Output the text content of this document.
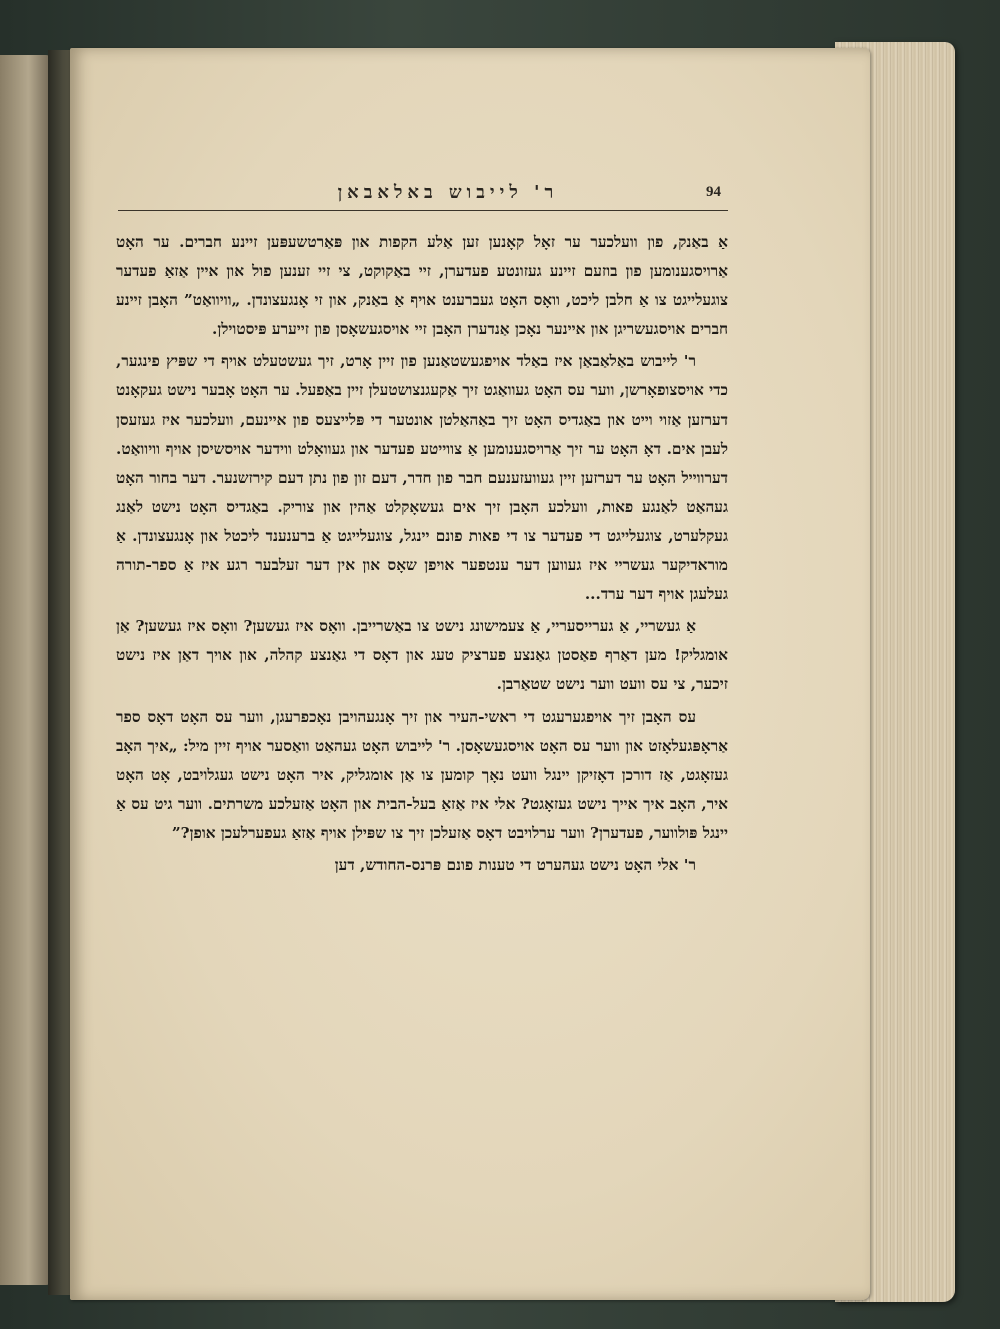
94
ר' לייבוש באלאבאן

אַ באַנק, פון וועלכער ער זאָל קאָנען זען אַלע הקפות און פּאַרטשעפּען זיינע חברים. ער האָט אַרויסגענומען פון בוזעם זיינע געזונטע פעדערן, זיי באַקוקט, צי זיי זענען פול און איין אַזאַ פעדער צוגעלייגט צו אַ חלבן ליכט, וואָס האָט געברענט אויף אַ באַנק, און זי אָנגעצונדן. „וויוואַט” האָבן זיינע חברים אויסגעשריגן און איינער נאָכן אַנדערן האָבן זיי אויסגעשאָסן פון זייערע פּיסטוילן.

ר' לייבוש באַלאַבאַן איז באַלד אויפגעשטאַנען פון זיין אָרט, זיך געשטעלט אויף די שפּיץ פינגער, כדי אויסצופאָרשן, ווער עס האָט געוואַגט זיך אַקעגנצושטעלן זיין באַפעל. ער האָט אָבער נישט געקאָנט דערזען אַזוי וייט און באַגדיס האָט זיך באַהאַלטן אונטער די פּלייצעס פון איינעם, וועלכער איז געזעסן לעבן אים. דאָ האָט ער זיך אַרויסגענומען אַ צווייטע פעדער און געוואָלט ווידער אויסשיסן אויף וויוואַט. דערווייל האָט ער דערזען זיין געוועזענעם חבר פון חדר, דעם זון פון נתן דעם קירזשנער. דער בחור האָט געהאַט לאַנגע פאות, וועלכע האָבן זיך אים געשאָקלט אַהין און צוריק. באַגדיס האָט נישט לאַנג געקלערט, צוגעלייגט די פעדער צו די פאות פונם יינגל, צוגעלייגט אַ ברענענד ליכטל און אָנגעצונדן. אַ מוראדיקער געשריי איז געווען דער ענטפער אויפן שאָס און אין דער זעלבער רגע איז אַ ספר-תורה געלעגן אויף דער ערד...

אַ געשריי, אַ גערייסעריי, אַ צעמישונג נישט צו באַשרייבן. וואָס איז געשען? וואָס איז געשען? אַן אומגליק! מען דאַרף פאַסטן גאַנצע פערציק טעג און דאָס די גאַנצע קהלה, און אויך דאַן איז נישט זיכער, צי עס וועט ווער נישט שטאַרבן.

עס האָבן זיך אויפגערעגט די ראשי-העיר און זיך אָנגעהויבן נאָכפרעגן, ווער עס האָט דאָס ספר אַראָפּגעלאָזט און ווער עס האָט אויסגעשאָסן. ר' לייבוש האָט געהאַט וואַסער אויף זיין מיל: „איך האָב געזאָגט, אַז דורכן דאָזיקן יינגל וועט נאָך קומען צו אַן אומגליק, איר האָט נישט געגלויבט, אָט האָט איר, האָב איך אייך נישט געזאָגט? אלי איז אַזאַ בעל-הבית און האָט אַזעלכע משרתים. ווער גיט עס אַ יינגל פּולווער, פעדערן? ווער ערלויבט דאָס אַזעלכן זיך צו שפּילן אויף אַזאַ געפערלעכן אופן?”

ר' אלי האָט נישט געהערט די טענות פונם פּרנס-החודש, דען
